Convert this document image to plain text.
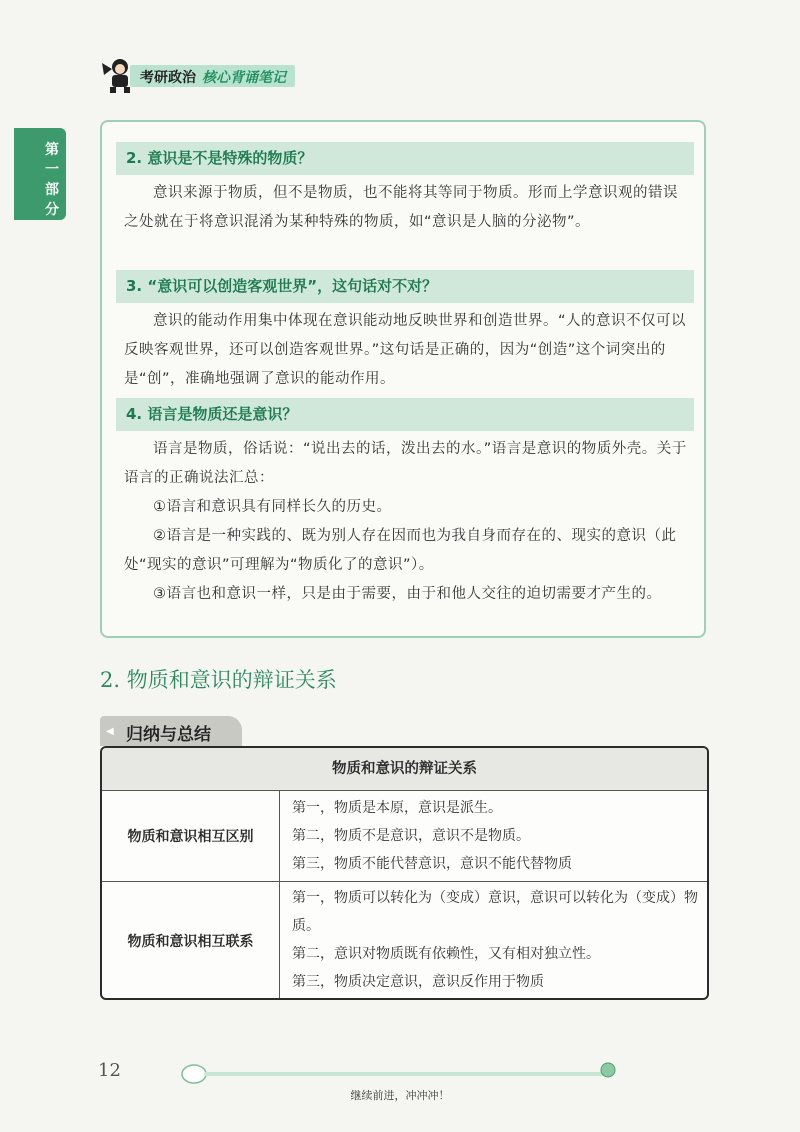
考研政治 核心背诵笔记
第一部分
2. 意识是不是特殊的物质？
意识来源于物质，但不是物质，也不能将其等同于物质。形而上学意识观的错误之处就在于将意识混淆为某种特殊的物质，如“意识是人脑的分泌物”。
3. “意识可以创造客观世界”，这句话对不对？
意识的能动作用集中体现在意识能动地反映世界和创造世界。“人的意识不仅可以反映客观世界，还可以创造客观世界。”这句话是正确的，因为“创造”这个词突出的是“创”，准确地强调了意识的能动作用。
4. 语言是物质还是意识？
语言是物质，俗话说：“说出去的话，泼出去的水。”语言是意识的物质外壳。关于语言的正确说法汇总：
①语言和意识具有同样长久的历史。
②语言是一种实践的、既为别人存在因而也为我自身而存在的、现实的意识（此处“现实的意识”可理解为“物质化了的意识”）。
③语言也和意识一样，只是由于需要，由于和他人交往的迫切需要才产生的。
2. 物质和意识的辩证关系
◀ 归纳与总结
物质和意识的辩证关系
物质和意识相互区别
第一，物质是本原，意识是派生。
第二，物质不是意识，意识不是物质。
第三，物质不能代替意识，意识不能代替物质
物质和意识相互联系
第一，物质可以转化为（变成）意识，意识可以转化为（变成）物质。
第二，意识对物质既有依赖性，又有相对独立性。
第三，物质决定意识，意识反作用于物质
12
继续前进，冲冲冲！
